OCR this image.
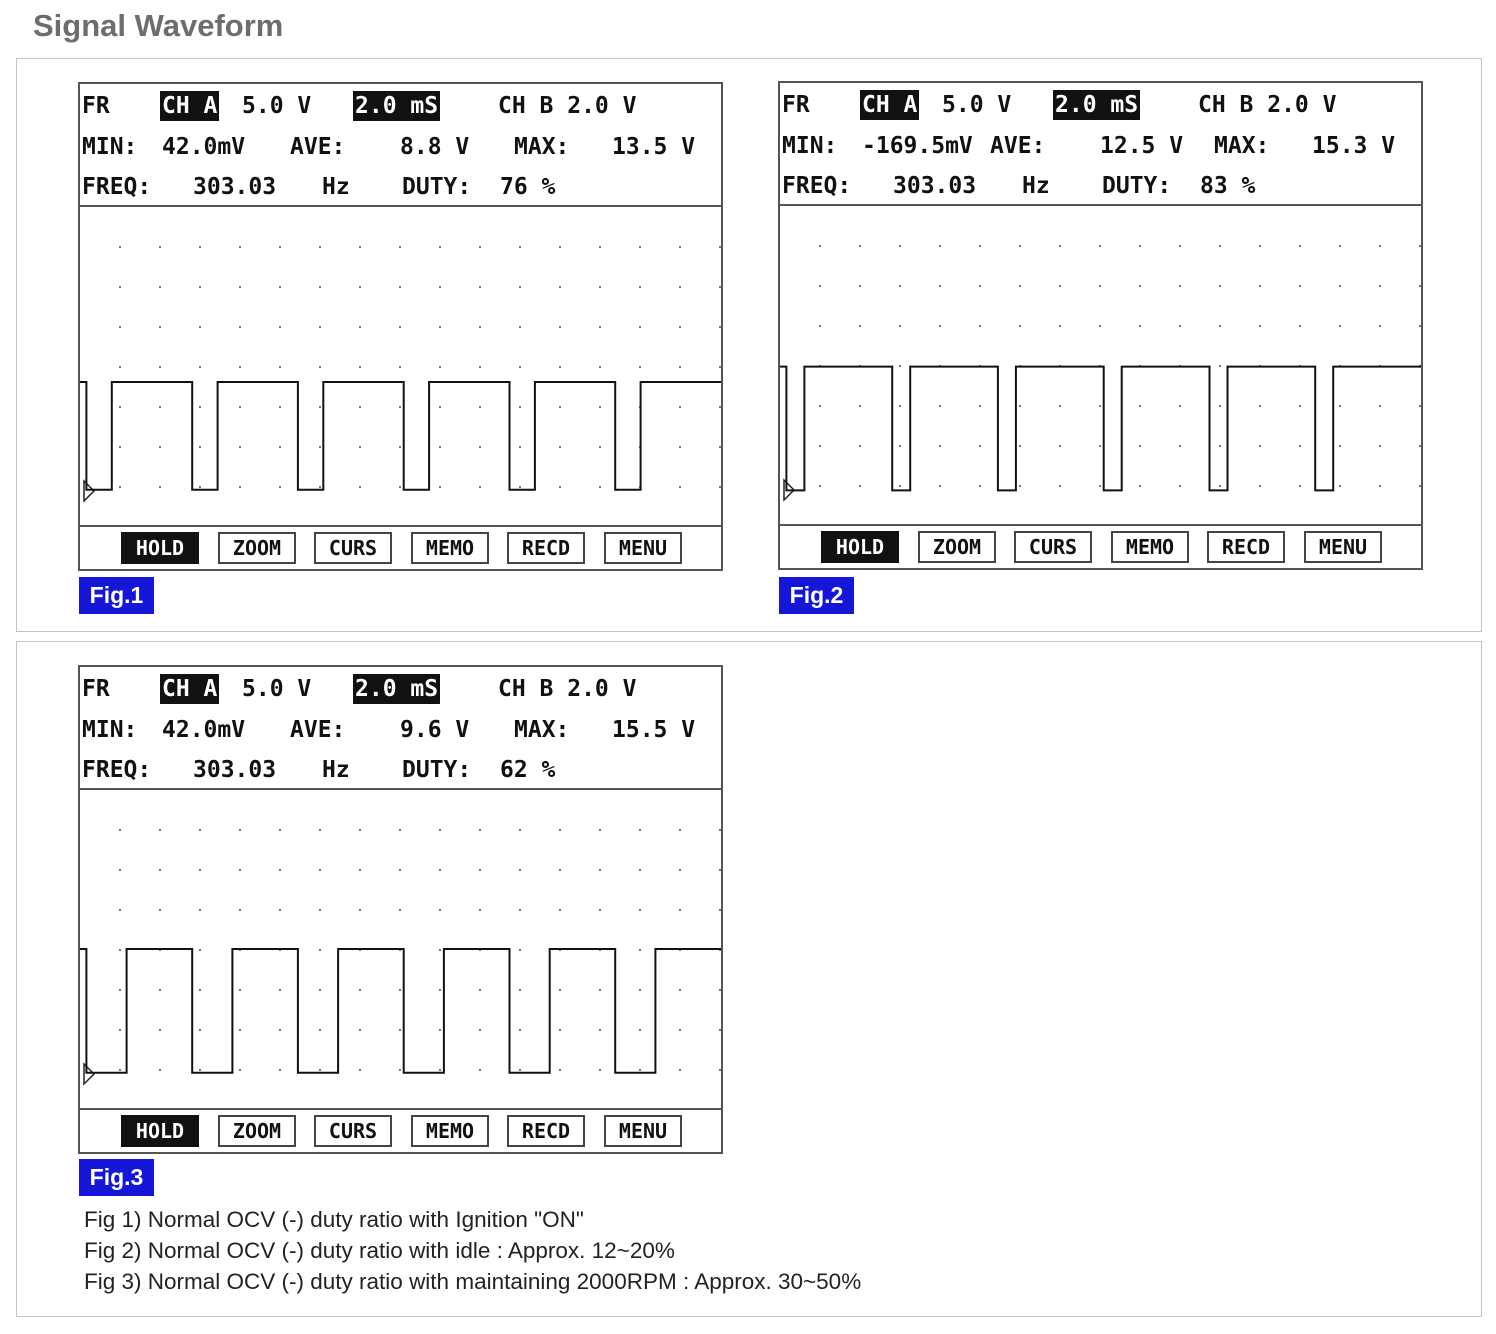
Signal Waveform
FR CH A 5.0 V 2.0 mS	CH B 2.0 V
MIN: 42.0mV AVE: 8.8 V MAX: 13.5 V
FREQ: 303.03 Hz DUTY: 76 %
HOLD	ZOOM	CURS	MEMO	RECD	MENU
FR CH A 5.0 V 2.0 mS	CH B 2.0 V
MIN: -169.5mV AVE: 12.5 V MAX: 15.3 V
FREQ: 303.03 Hz DUTY: 83 %
HOLD	ZOOM	CURS	MEMO	RECD	MENU
FR CH A 5.0 V 2.0 mS	CH B 2.0 V
MIN: 42.0mV AVE: 9.6 V MAX: 15.5 V
FREQ: 303.03 Hz DUTY: 62 %
HOLD	ZOOM	CURS	MEMO	RECD	MENU
Fig.1	Fig.2
Fig.3
Fig 1) Normal OCV (-) duty ratio with Ignition "ON"
Fig 2) Normal OCV (-) duty ratio with idle : Approx. 12~20%
Fig 3) Normal OCV (-) duty ratio with maintaining 2000RPM : Approx. 30~50%
